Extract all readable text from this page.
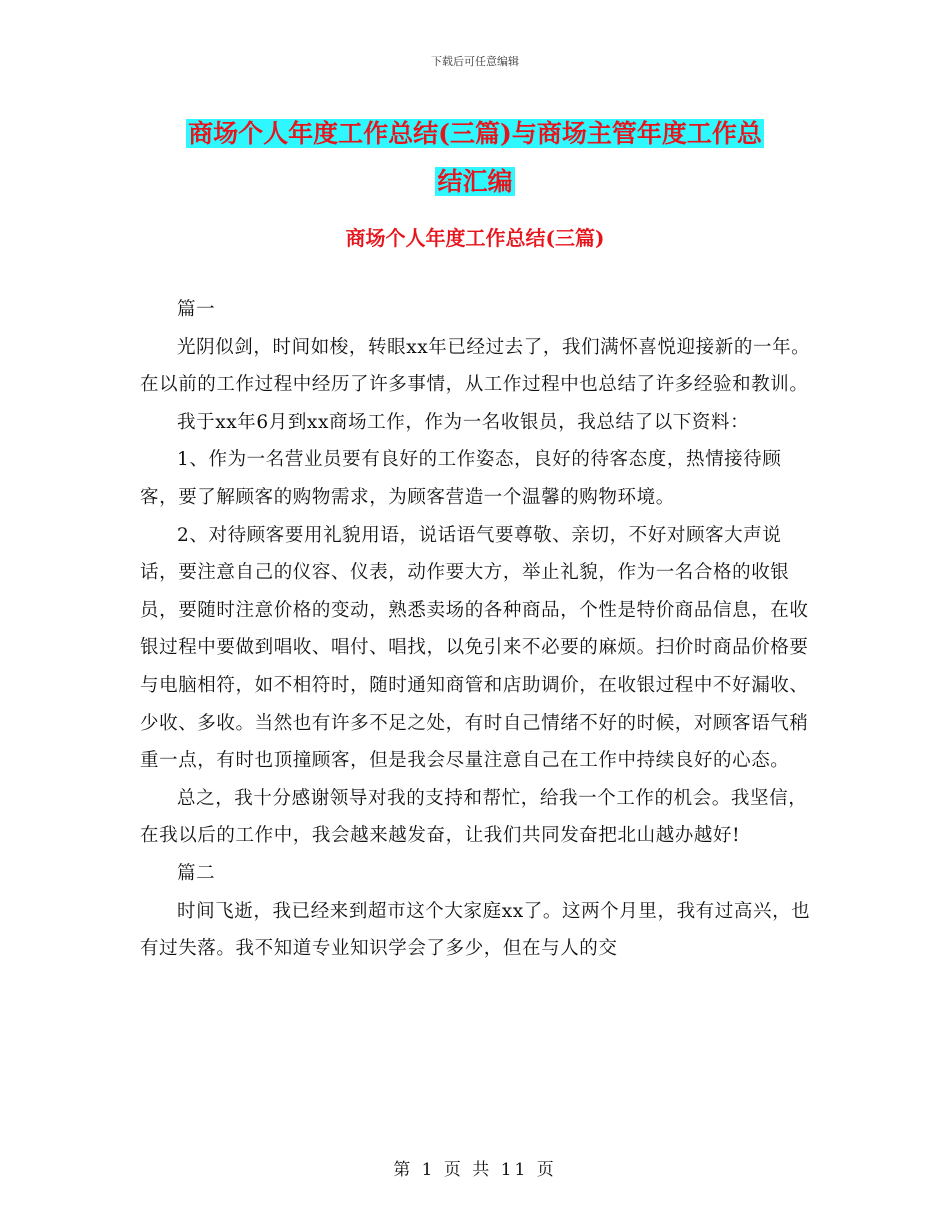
下载后可任意编辑
商场个人年度工作总结(三篇)与商场主管年度工作总
结汇编
商场个人年度工作总结(三篇)

篇一

光阴似剑，时间如梭，转眼xx年已经过去了，我们满怀喜悦迎接新的一年。在以前的工作过程中经历了许多事情，从工作过程中也总结了许多经验和教训。

我于xx年6月到xx商场工作，作为一名收银员，我总结了以下资料：

1、作为一名营业员要有良好的工作姿态，良好的待客态度，热情接待顾客，要了解顾客的购物需求，为顾客营造一个温馨的购物环境。

2、对待顾客要用礼貌用语，说话语气要尊敬、亲切，不好对顾客大声说话，要注意自己的仪容、仪表，动作要大方，举止礼貌，作为一名合格的收银员，要随时注意价格的变动，熟悉卖场的各种商品，个性是特价商品信息，在收银过程中要做到唱收、唱付、唱找，以免引来不必要的麻烦。扫价时商品价格要与电脑相符，如不相符时，随时通知商管和店助调价，在收银过程中不好漏收、少收、多收。当然也有许多不足之处，有时自己情绪不好的时候，对顾客语气稍重一点，有时也顶撞顾客，但是我会尽量注意自己在工作中持续良好的心态。

总之，我十分感谢领导对我的支持和帮忙，给我一个工作的机会。我坚信，在我以后的工作中，我会越来越发奋，让我们共同发奋把北山越办越好!

篇二

时间飞逝，我已经来到超市这个大家庭xx了。这两个月里，我有过高兴，也有过失落。我不知道专业知识学会了多少，但在与人的交

第 1 页 共 11 页
